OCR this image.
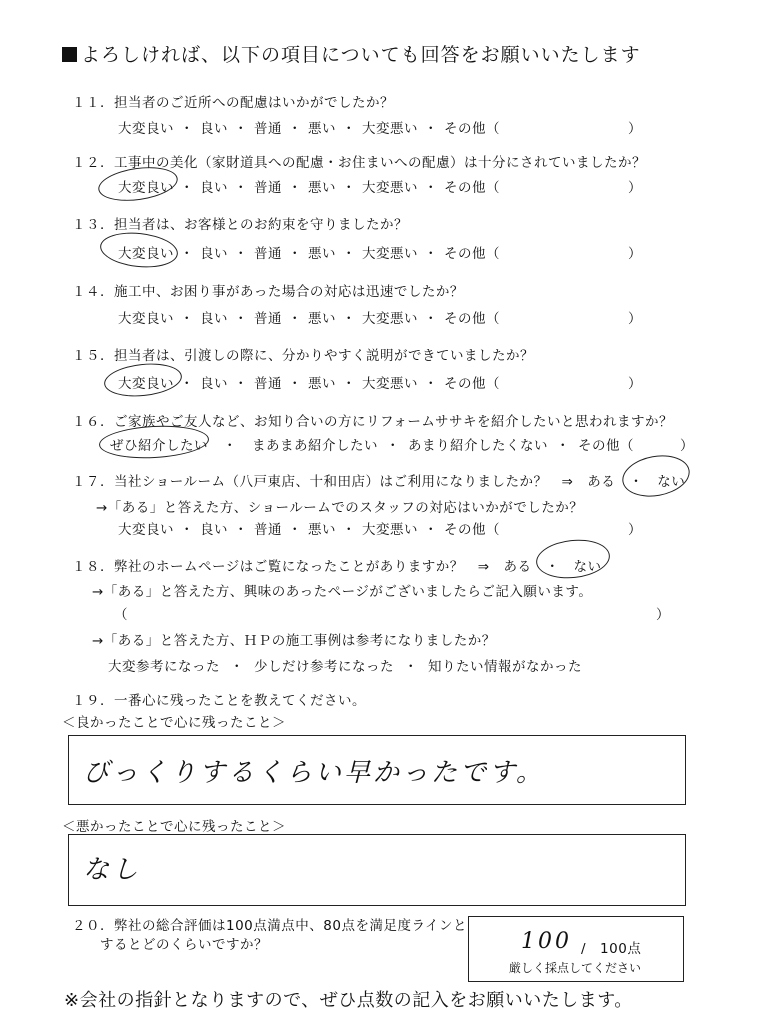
よろしければ、以下の項目についても回答をお願いいたします
１１．担当者のご近所への配慮はいかがでしたか？
大変良い ・ 良い ・ 普通 ・ 悪い ・ 大変悪い ・ その他（	）
１２．工事中の美化（家財道具への配慮・お住まいへの配慮）は十分にされていましたか？
大変良い ・ 良い ・ 普通 ・ 悪い ・ 大変悪い ・ その他（	）
１３．担当者は、お客様とのお約束を守りましたか？
大変良い ・ 良い ・ 普通 ・ 悪い ・ 大変悪い ・ その他（	）
１４．施工中、お困り事があった場合の対応は迅速でしたか？
大変良い ・ 良い ・ 普通 ・ 悪い ・ 大変悪い ・ その他（	）
１５．担当者は、引渡しの際に、分かりやすく説明ができていましたか？
大変良い ・ 良い ・ 普通 ・ 悪い ・ 大変悪い ・ その他（	）
１６．ご家族やご友人など、お知り合いの方にリフォームササキを紹介したいと思われますか？
ぜひ紹介したい ・ まあまあ紹介したい ・ あまり紹介したくない ・ その他（	）
１７．当社ショールーム（八戸東店、十和田店）はご利用になりましたか？　⇒　ある　・　ない
→「ある」と答えた方、ショールームでのスタッフの対応はいかがでしたか？
大変良い ・ 良い ・ 普通 ・ 悪い ・ 大変悪い ・ その他（	）
１８．弊社のホームページはご覧になったことがありますか？　⇒　ある　・　ない
→「ある」と答えた方、興味のあったページがございましたらご記入願います。
（	）
→「ある」と答えた方、ＨＰの施工事例は参考になりましたか？
大変参考になった ・ 少しだけ参考になった ・ 知りたい情報がなかった
１９．一番心に残ったことを教えてください。
＜良かったことで心に残ったこと＞
びっくりするくらい早かったです。
＜悪かったことで心に残ったこと＞
なし
２０．弊社の総合評価は100点満点中、80点を満足度ラインと
するとどのくらいですか？	100 /　100点
厳しく採点してください
※会社の指針となりますので、ぜひ点数の記入をお願いいたします。
